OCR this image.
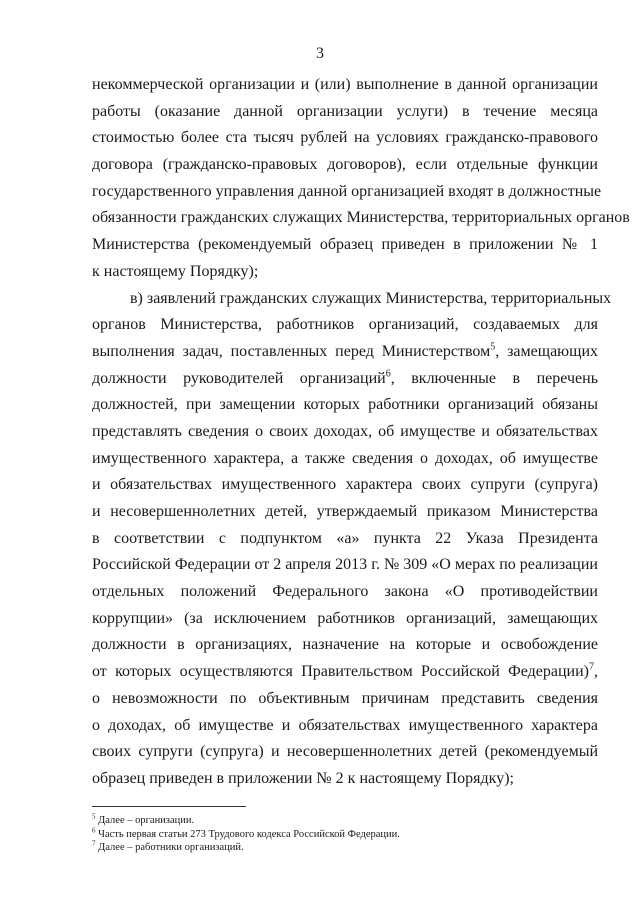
3
некоммерческой организации и (или) выполнение в данной организации
работы (оказание данной организации услуги) в течение месяца
стоимостью более ста тысяч рублей на условиях гражданско-правового
договора (гражданско-правовых договоров), если отдельные функции
государственного управления данной организацией входят в должностные
обязанности гражданских служащих Министерства, территориальных органов
Министерства (рекомендуемый образец приведен в приложении № 1
к настоящему Порядку);
в) заявлений гражданских служащих Министерства, территориальных
органов Министерства, работников организаций, создаваемых для
выполнения задач, поставленных перед Министерством$^5$, замещающих
должности руководителей организаций$^6$, включенные в перечень
должностей, при замещении которых работники организаций обязаны
представлять сведения о своих доходах, об имуществе и обязательствах
имущественного характера, а также сведения о доходах, об имуществе
и обязательствах имущественного характера своих супруги (супруга)
и несовершеннолетних детей, утверждаемый приказом Министерства
в соответствии с подпунктом «а» пункта 22 Указа Президента
Российской Федерации от 2 апреля 2013 г. № 309 «О мерах по реализации
отдельных положений Федерального закона «О противодействии
коррупции» (за исключением работников организаций, замещающих
должности в организациях, назначение на которые и освобождение
от которых осуществляются Правительством Российской Федерации)$^7$,
о невозможности по объективным причинам представить сведения
о доходах, об имуществе и обязательствах имущественного характера
своих супруги (супруга) и несовершеннолетних детей (рекомендуемый
образец приведен в приложении № 2 к настоящему Порядку);
$^5$ Далее – организации.
$^6$ Часть первая статьи 273 Трудового кодекса Российской Федерации.
$^7$ Далее – работники организаций.
